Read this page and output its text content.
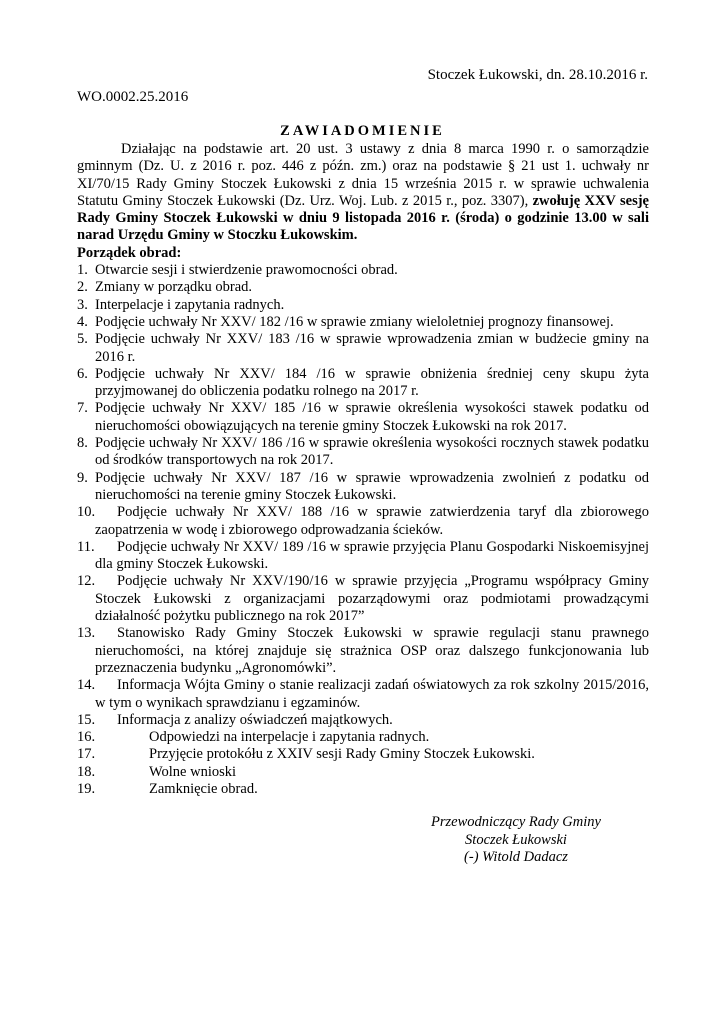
Stoczek Łukowski, dn. 28.10.2016 r.
WO.0002.25.2016
ZAWIADOMIENIE

Działając na podstawie art. 20 ust. 3 ustawy z dnia 8 marca 1990 r. o samorządzie gminnym (Dz. U. z 2016 r. poz. 446 z późn. zm.) oraz na podstawie § 21 ust 1. uchwały nr XI/70/15 Rady Gminy Stoczek Łukowski z dnia 15 września 2015 r. w sprawie uchwalenia Statutu Gminy Stoczek Łukowski (Dz. Urz. Woj. Lub. z 2015 r., poz. 3307), zwołuję XXV sesję Rady Gminy Stoczek Łukowski w dniu 9 listopada 2016 r. (środa) o godzinie 13.00 w sali narad Urzędu Gminy w Stoczku Łukowskim.

Porządek obrad:

1. Otwarcie sesji i stwierdzenie prawomocności obrad.
2. Zmiany w porządku obrad.
3. Interpelacje i zapytania radnych.
4. Podjęcie uchwały Nr XXV/ 182 /16 w sprawie zmiany wieloletniej prognozy finansowej.
5. Podjęcie uchwały Nr XXV/ 183 /16 w sprawie wprowadzenia zmian w budżecie gminy na 2016 r.
6. Podjęcie uchwały Nr XXV/ 184 /16 w sprawie obniżenia średniej ceny skupu żyta przyjmowanej do obliczenia podatku rolnego na 2017 r.
7. Podjęcie uchwały Nr XXV/ 185 /16 w sprawie określenia wysokości stawek podatku od nieruchomości obowiązujących na terenie gminy Stoczek Łukowski na rok 2017.
8. Podjęcie uchwały Nr XXV/ 186 /16 w sprawie określenia wysokości rocznych stawek podatku od środków transportowych na rok 2017.
9. Podjęcie uchwały Nr XXV/ 187 /16 w sprawie wprowadzenia zwolnień z podatku od nieruchomości na terenie gminy Stoczek Łukowski.
10.	Podjęcie uchwały Nr XXV/ 188 /16 w sprawie zatwierdzenia taryf dla zbiorowego zaopatrzenia w wodę i zbiorowego odprowadzania ścieków.
11.	Podjęcie uchwały Nr XXV/ 189 /16 w sprawie przyjęcia Planu Gospodarki Niskoemisyjnej dla gminy Stoczek Łukowski.
12.	Podjęcie uchwały Nr XXV/190/16 w sprawie przyjęcia „Programu współpracy Gminy Stoczek Łukowski z organizacjami pozarządowymi oraz podmiotami prowadzącymi działalność pożytku publicznego na rok 2017”
13.	Stanowisko Rady Gminy Stoczek Łukowski w sprawie regulacji stanu prawnego nieruchomości, na której znajduje się strażnica OSP oraz dalszego funkcjonowania lub przeznaczenia budynku „Agronomówki”.
14.	Informacja Wójta Gminy o stanie realizacji zadań oświatowych za rok szkolny 2015/2016, w tym o wynikach sprawdzianu i egzaminów.
15.	Informacja z analizy oświadczeń majątkowych.
16.	Odpowiedzi na interpelacje i zapytania radnych.
17.	Przyjęcie protokółu z XXIV sesji Rady Gminy Stoczek Łukowski.
18.	Wolne wnioski
19.	Zamknięcie obrad.
Przewodniczący Rady Gminy
Stoczek Łukowski
(-) Witold Dadacz
